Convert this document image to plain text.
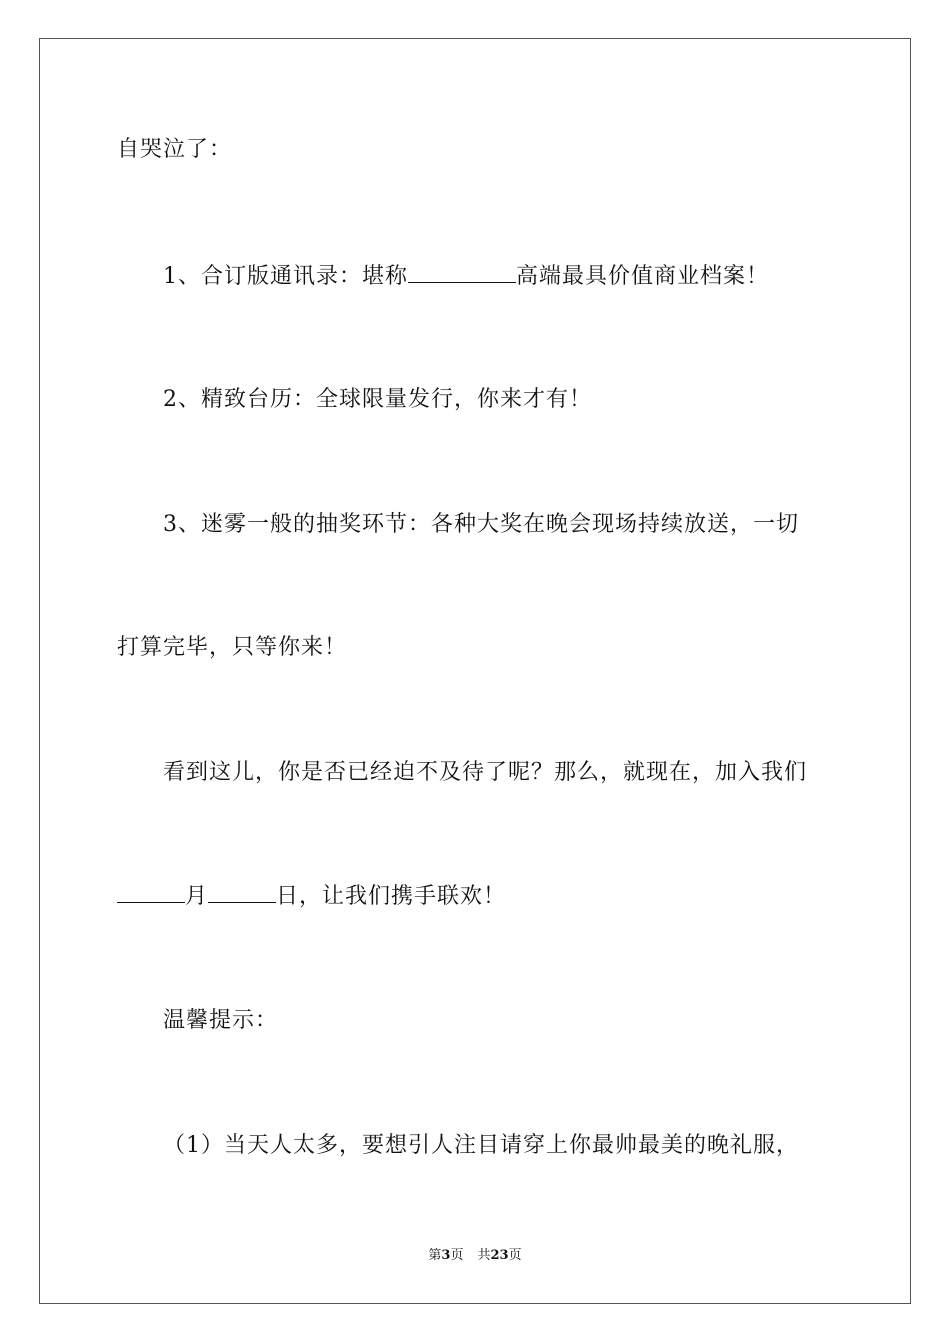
自哭泣了：
1、合订版通讯录：堪称	高端最具价值商业档案！
2、精致台历：全球限量发行，你来才有！
3、迷雾一般的抽奖环节：各种大奖在晚会现场持续放送，一切
打算完毕，只等你来！
看到这儿，你是否已经迫不及待了呢？那么，就现在，加入我们
月	日，让我们携手联欢！
温馨提示：
（1）当天人太多，要想引人注目请穿上你最帅最美的晚礼服，
第3页 共23页
